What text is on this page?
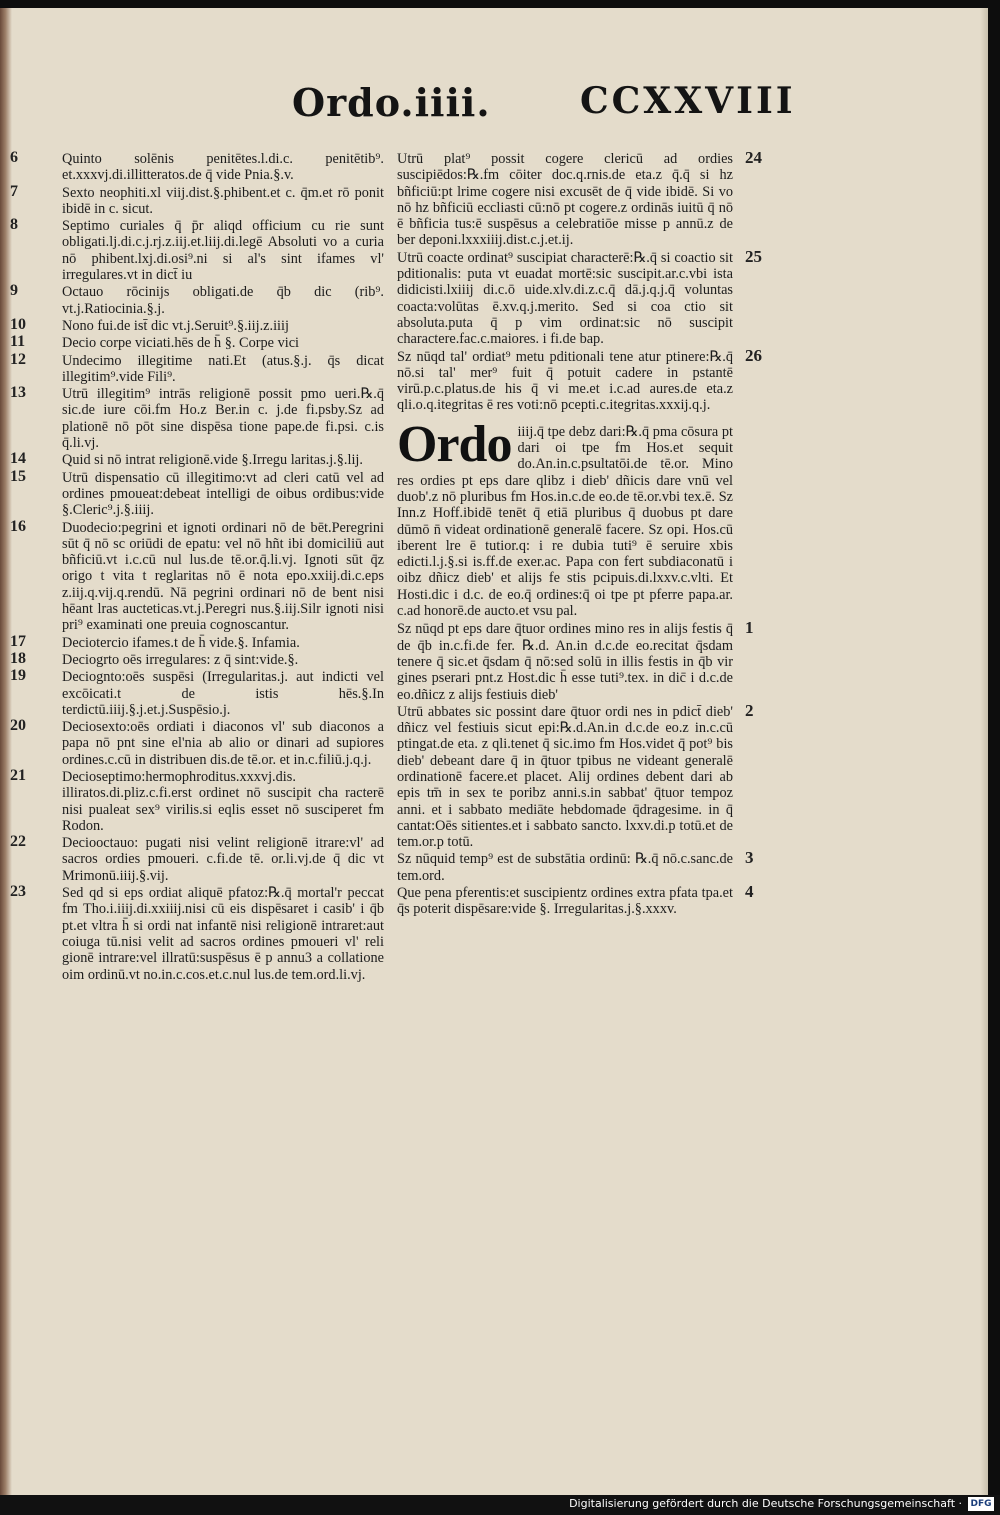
Ordo.iiii. CCXXVIII

6	Quinto solēnis penitētes.l.di.c. penitētib⁹. et.xxxvj.di.illitteratos.de q̄ vide Pnia.§.v.

7	Sexto neophiti.xl viij.dist.§.phibent.et c. q̄m.et rō ponit ibidē in c. sicut.

8	Septimo curiales q̄ p̄r aliqd officium cu rie sunt obligati.lj.di.c.j.rj.z.iij.et.liij.di.legē Absoluti vo a curia nō phibent.lxj.di.osi⁹.ni si al's sint ifames vl' irregulares.vt in dict̄ iu

9	Octauo rōcinijs obligati.de q̄b dic (rib⁹. vt.j.Ratiocinia.§.j.

10	Nono fui.de ist̄ dic vt.j.Seruit⁹.§.iij.z.iiij

11	Decio corpe viciati.hēs de h̄ §. Corpe vici

12	Undecimo illegitime nati.Et (atus.§.j. q̄s dicat illegitim⁹.vide Fili⁹.

13	Utrū illegitim⁹ intrās religionē possit pmo ueri.℞.q̄ sic.de iure cōi.fm Ho.z Ber.in c. j.de fi.psby.Sz ad plationē nō pōt sine dispēsa tione pape.de fi.psi. c.is q̄.li.vj.

14	Quid si nō intrat religionē.vide §.Irregu laritas.j.§.lij.

15	Utrū dispensatio cū illegitimo:vt ad cleri catū vel ad ordines pmoueat:debeat intelligi de oibus ordibus:vide §.Cleric⁹.j.§.iiij.

16	Duodecio:pegrini et ignoti ordinari nō de bēt.Peregrini sūt q̄ nō sc oriūdi de epatu: vel nō hñt ibi domiciliū aut bñficiū.vt i.c.cū nul lus.de tē.or.q̄.li.vj. Ignoti sūt q̄z origo t vita t reglaritas nō ē nota epo.xxiij.di.c.eps z.iij.q.vij.q.rendū. Nā pegrini ordinari nō de bent nisi hēant lras aucteticas.vt.j.Peregri nus.§.iij.Silr ignoti nisi pri⁹ examinati one preuia cognoscantur.

17	Deciotercio ifames.t de h̄ vide.§. Infamia.

18	Deciogrto oēs irregulares: z q̄ sint:vide.§.

19	Deciognto:oēs suspēsi (Irregularitas.j. aut indicti vel excōicati.t de istis hēs.§.In terdictū.iiij.§.j.et.j.Suspēsio.j.

20	Deciosexto:oēs ordiati i diaconos vl' sub diaconos a papa nō pnt sine el'nia ab alio or dinari ad supiores ordines.c.cū in distribuen dis.de tē.or. et in.c.filiū.j.q.j.

21	Decioseptimo:hermophroditus.xxxvj.dis. illiratos.di.pliz.c.fi.erst ordinet nō suscipit cha racterē nisi pualeat sex⁹ virilis.si eqlis esset nō susciperet fm Rodon.

22	Deciooctauo: pugati nisi velint religionē itrare:vl' ad sacros ordies pmoueri. c.fi.de tē. or.li.vj.de q̄ dic vt Mrimonū.iiij.§.vij.

23	Sed qd si eps ordiat aliquē pfatoz:℞.q̄ mortal'r peccat fm Tho.i.iiij.di.xxiiij.nisi cū eis dispēsaret i casib' i q̄b pt.et vltra h̄ si ordi nat infantē nisi religionē intraret:aut coiuga tū.nisi velit ad sacros ordines pmoueri vl' reli gionē intrare:vel illratū:suspēsus ē p annu3 a collatione oim ordinū.vt no.in.c.cos.et.c.nul lus.de tem.ord.li.vj.

24
Utrū plat⁹ possit cogere clericū ad ordies suscipiēdos:℞.fm cōiter doc.q.rnis.de eta.z q̄.q̄ si hz bñficiū:pt lrime cogere nisi excusēt de q̄ vide ibidē. Si vo nō hz bñficiū eccliasti cū:nō pt cogere.z ordinās iuitū q̄ nō ē bñficia tus:ē suspēsus a celebratiōe misse p annū.z de ber deponi.lxxxiiij.dist.c.j.et.ij.

25
Utrū coacte ordinat⁹ suscipiat characterē:℞.q̄ si coactio sit pditionalis: puta vt euadat mortē:sic suscipit.ar.c.vbi ista didicisti.lxiiij di.c.ō uide.xlv.di.z.c.q̄ dā.j.q.j.q̄ voluntas coacta:volūtas ē.xv.q.j.merito. Sed si coa ctio sit absoluta.puta q̄ p vim ordinat:sic nō suscipit charactere.fac.c.maiores. i fi.de bap.

26
Sz nūqd tal' ordiat⁹ metu pditionali tene atur ptinere:℞.q̄ nō.si tal' mer⁹ fuit q̄ potuit cadere in pstantē virū.p.c.platus.de his q̄ vi me.et i.c.ad aures.de eta.z qli.o.q.itegritas ē res voti:nō pcepti.c.itegritas.xxxij.q.j.

Ordo iiij.q̄ tpe debz dari:℞.q̄ pma cōsura pt dari oi tpe fm Hos.et sequit do.An.in.c.psultatōi.de tē.or. Mino res ordies pt eps dare qlibz i dieb' dñicis dare vnū vel duob'.z nō pluribus fm Hos.in.c.de eo.de tē.or.vbi tex.ē. Sz Inn.z Hoff.ibidē tenēt q̄ etiā pluribus q̄ duobus pt dare dūmō n̄ videat ordinationē generalē facere. Sz opi. Hos.cū iberent lre ē tutior.q: i re dubia tuti⁹ ē seruire xbis edicti.l.j.§.si is.ff.de exer.ac. Papa con fert subdiaconatū i oibz dñicz dieb' et alijs fe stis pcipuis.di.lxxv.c.vlti. Et Hosti.dic i d.c. de eo.q̄ ordines:q̄ oi tpe pt pferre papa.ar. c.ad honorē.de aucto.et vsu pal.

1
Sz nūqd pt eps dare q̄tuor ordines mino res in alijs festis q̄ de q̄b in.c.fi.de fer. ℞.d. An.in d.c.de eo.recitat q̄sdam tenere q̄ sic.et q̄sdam q̄ nō:sed solū in illis festis in q̄b vir gines pserari pnt.z Host.dic h̄ esse tuti⁹.tex. in dic̄ i d.c.de eo.dñicz z alijs festiuis dieb'

2
Utrū abbates sic possint dare q̄tuor ordi nes in pdict̄ dieb' dñicz vel festiuis sicut epi:℞.d.An.in d.c.de eo.z in.c.cū ptingat.de eta. z qli.tenet q̄ sic.imo fm Hos.videt q̄ pot⁹ bis dieb' debeant dare q̄ in q̄tuor tpibus ne videant generalē ordinationē facere.et placet. Alij ordines debent dari ab epis tm̄ in sex te poribz anni.s.in sabbat' q̄tuor tempoz anni. et i sabbato mediāte hebdomade q̄dragesime. in q̄ cantat:Oēs sitientes.et i sabbato sancto. lxxv.di.p totū.et de tem.or.p totū.

3
Sz nūquid temp⁹ est de substātia ordinū: ℞.q̄ nō.c.sanc.de tem.ord.

4
Que pena pferentis:et suscipientz ordines extra pfata tpa.et q̄s poterit dispēsare:vide §. Irregularitas.j.§.xxxv.

Digitalisierung gefördert durch die Deutsche Forschungsgemeinschaft · DFG
